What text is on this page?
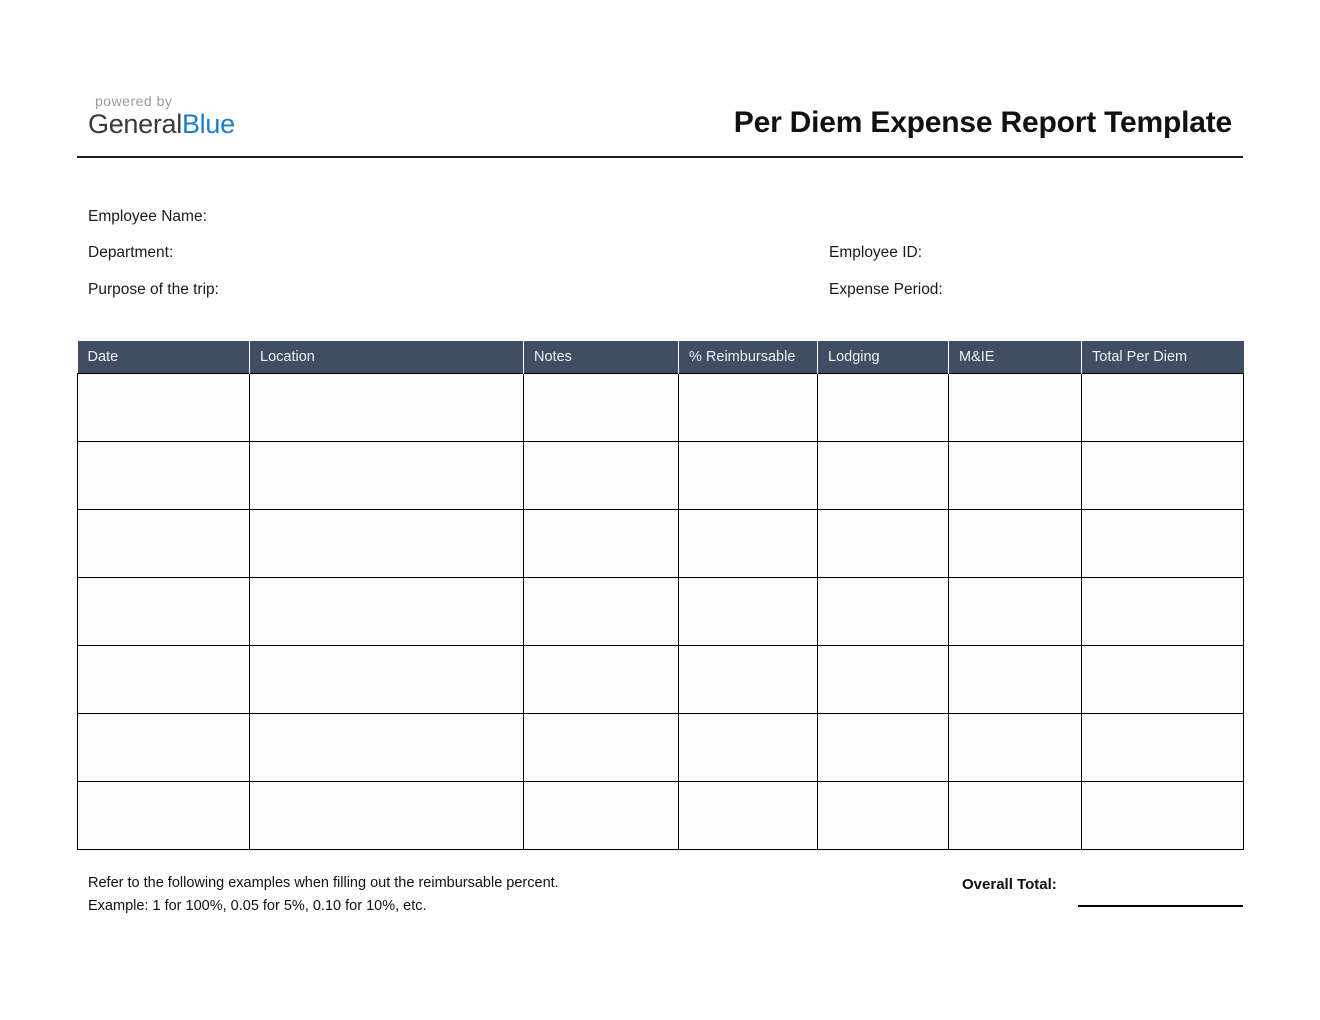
powered by
GeneralBlue	Per Diem Expense Report Template
Employee Name:
Department:
Purpose of the trip:
Employee ID:
Expense Period:
Date	Location	Notes	% Reimbursable	Lodging	M&IE	Total Per Diem

Refer to the following examples when filling out the reimbursable percent.
Example: 1 for 100%, 0.05 for 5%, 0.10 for 10%, etc.
Overall Total:
